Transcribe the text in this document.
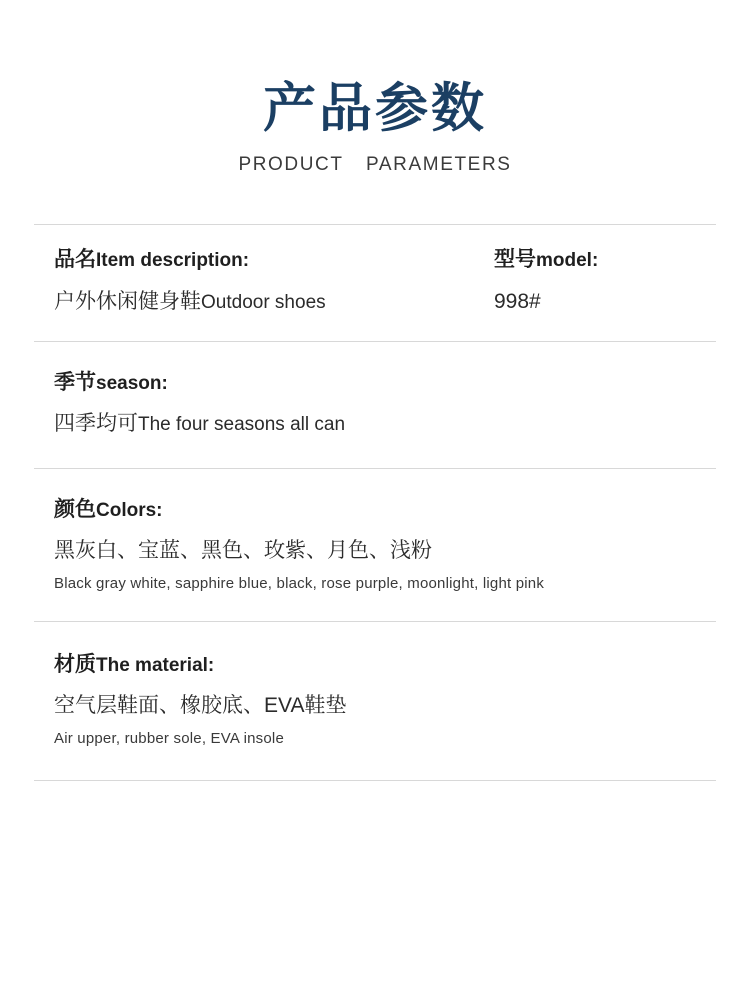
产品参数
PRODUCT PARAMETERS
品名Item description:
户外休闲健身鞋Outdoor shoes
型号model:
998#
季节season:
四季均可The four seasons all can
颜色Colors:
黑灰白、宝蓝、黑色、玫紫、月色、浅粉
Black gray white, sapphire blue, black, rose purple, moonlight, light pink
材质The material:
空气层鞋面、橡胶底、EVA鞋垫
Air upper, rubber sole, EVA insole
